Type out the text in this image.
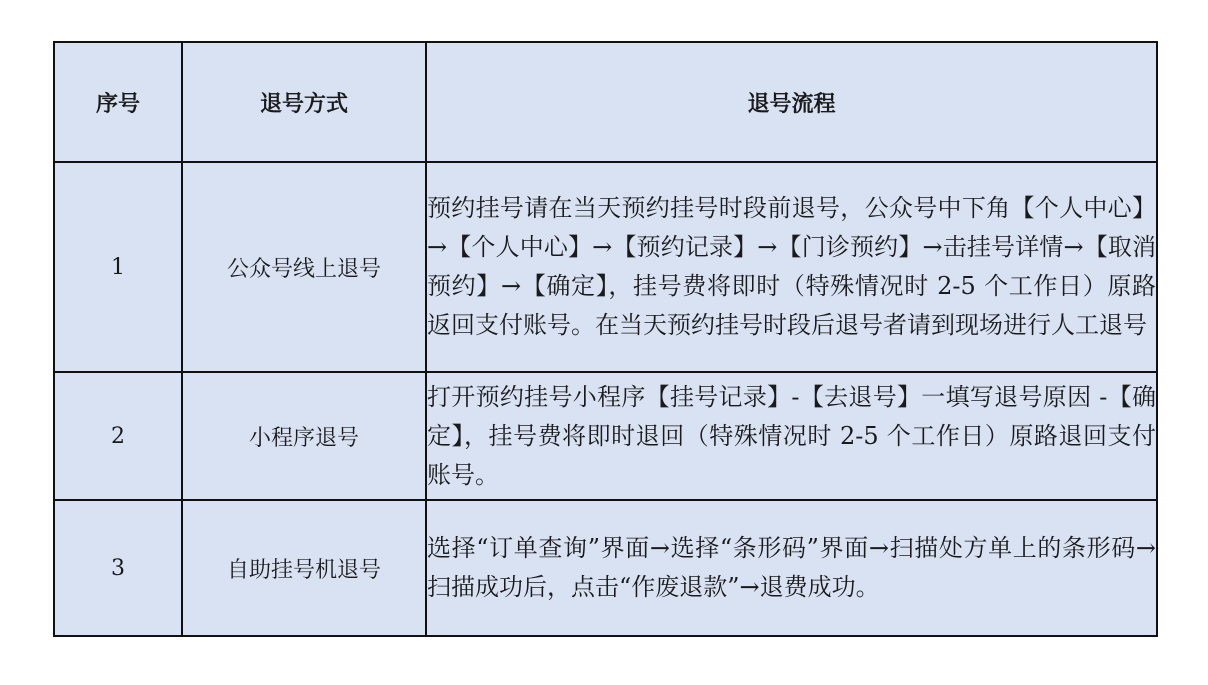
序号	退号方式	退号流程
1	公众号线上退号	预约挂号请在当天预约挂号时段前退号，公众号中下角【个人中心】→【个人中心】→【预约记录】→【门诊预约】→击挂号详情→【取消预约】→【确定】，挂号费将即时（特殊情况时 2-5 个工作日）原路返回支付账号。在当天预约挂号时段后退号者请到现场进行人工退号
2	小程序退号	打开预约挂号小程序【挂号记录】-【去退号】一填写退号原因 -【确定】，挂号费将即时退回（特殊情况时 2-5 个工作日）原路退回支付账号。
3	自助挂号机退号	选择“订单查询”界面→选择“条形码”界面→扫描处方单上的条形码→扫描成功后，点击“作废退款”→退费成功。
